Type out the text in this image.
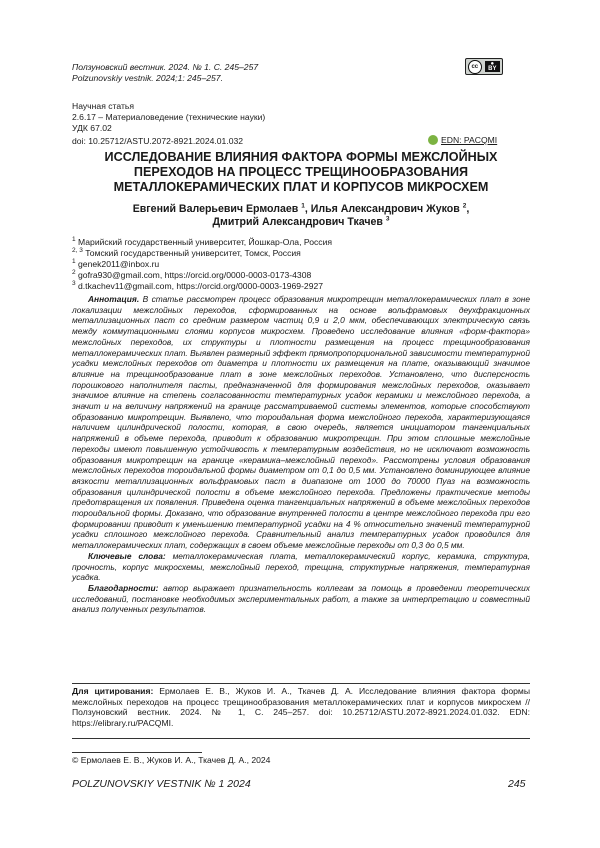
Ползуновский вестник. 2024. № 1. С. 245–257
Polzunovskiy vestnik. 2024;1: 245–257.
cc	●
BY
Научная статья
2.6.17 – Материаловедение (технические науки)
УДК 67.02
doi: 10.25712/ASTU.2072-8921.2024.01.032	EDN: PACQMI
ИССЛЕДОВАНИЕ ВЛИЯНИЯ ФАКТОРА ФОРМЫ МЕЖСЛОЙНЫХ ПЕРЕХОДОВ НА ПРОЦЕСС ТРЕЩИНООБРАЗОВАНИЯ МЕТАЛЛОКЕРАМИЧЕСКИХ ПЛАТ И КОРПУСОВ МИКРОСХЕМ
Евгений Валерьевич Ермолаев $^1$, Илья Александрович Жуков $^2$,
Дмитрий Александрович Ткачев $^3$
$^1$ Марийский государственный университет, Йошкар-Ола, Россия
$^{2, 3}$ Томский государственный университет, Томск, Россия
$^1$ genek2011@inbox.ru
$^2$ gofra930@gmail.com, https://orcid.org/0000-0003-0173-4308
$^3$ d.tkachev11@gmail.com, https://orcid.org/0000-0003-1969-2927

Аннотация. В статье рассмотрен процесс образования микротрещин металлокерамических плат в зоне локализации межслойных переходов, сформированных на основе вольфрамовых деухфракционных металлизационных паст со средним размером частиц 0,9 и 2,0 мкм, обеспечивающих электрическую связь между коммутационными слоями корпусов микросхем. Проведено исследование влияния «форм-фактора» межслойных переходов, их структуры и плотности размещения на процесс трещинообразования металлокерамических плат. Выявлен размерный эффект прямопропорциональной зависимости температурной усадки межслойных переходов от диаметра и плотности их размещения на плате, оказывающий значимое влияние на трещинообразование плат в зоне межслойных переходов. Установлено, что дисперсность порошкового наполнителя пасты, предназначенной для формирования межслойных переходов, оказывает значимое влияние на степень согласованности температурных усадок керамики и межслойного перехода, а значит и на величину напряжений на границе рассматриваемой системы элементов, которые способствуют образованию микротрещин. Выявлено, что тороидальная форма межслойного перехода, характеризующаяся наличием цилиндрической полости, которая, в свою очередь, является инициатором тангенциальных напряжений в объеме перехода, приводит к образованию микротрещин. При этом сплошные межслойные переходы имеют повышенную устойчивость к температурным воздействия, но не исключают возможность образования микротрещин на границе «керамика–межслойный переход». Рассмотрены условия образования межслойных переходов тороидальной формы диаметром от 0,1 до 0,5 мм. Установлено доминирующее влияние вязкости металлизационных вольфрамовых паст в диапазоне от 1000 до 70000 Пуаз на возможность образования цилиндрической полости в объеме межслойного перехода. Предложены практические методы предотвращения их появления. Приведена оценка тангенциальных напряжений в объеме межслойных переходов тороидальной формы. Доказано, что образование внутренней полости в центре межслойного перехода при его формировании приводит к уменьшению температурной усадки на 4 % относительно значений температурной усадки сплошного межслойного перехода. Сравнительный анализ температурных усадок проводился для металлокерамических плат, содержащих в своем объеме межслойные переходы от 0,3 до 0,5 мм.

Ключевые слова: металлокерамическая плата, металлокерамический корпус, керамика, структура, прочность, корпус микросхемы, межслойный переход, трещина, структурные напряжения, температурная усадка.

Благодарности: автор выражает признательность коллегам за помощь в проведении теоретических исследований, постановке необходимых экспериментальных работ, а также за интерпретацию и совместный анализ полученных результатов.

Для цитирования: Ермолаев Е. В., Жуков И. А., Ткачев Д. А. Исследование влияния фактора формы межслойных переходов на процесс трещинообразования металлокерамических плат и корпусов микросхем // Ползуновский вестник. 2024. № 1, С. 245–257. doi: 10.25712/ASTU.2072-8921.2024.01.032. EDN: https://elibrary.ru/PACQMI.
© Ермолаев Е. В., Жуков И. А., Ткачев Д. А., 2024
POLZUNOVSKIY VESTNIK № 1 2024	245
